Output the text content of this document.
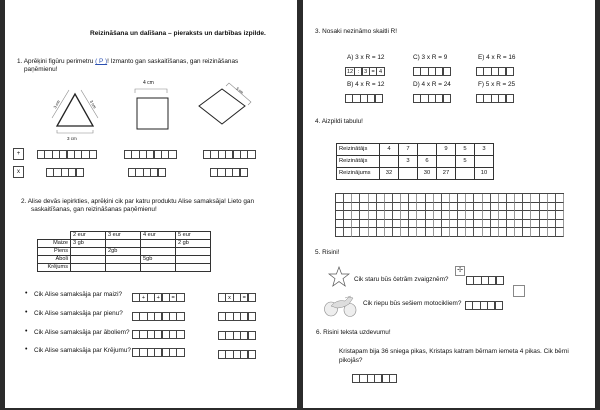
Reizināšana un dalīšana – pieraksts un darbības izpilde.
1. Aprēķini figūru perimetru ( P )! Izmanto gan saskaitīšanas, gan reizināšanas
paņēmienu!
3 cm	3 cm
3 cm
4 cm
5 cm
+
x
2. Alise devās iepirkties, aprēķini cik par katru produktu Alise samaksāja! Lieto gan
saskaitīšanas, gan reizināšanas paņēmienu!
	2 eur	3 eur	4 eur	5 eur
Maize	3 gb			2 gb
Piens		2gb		
Āboli			5gb	
Krējums				
• Cik Alise samaksāja par maizi?	+	+	=	x	=
• Cik Alise samaksāja par pienu?
• Cik Alise samaksāja par āboliem?
• Cik Alise samaksāja par Krējumu?
3. Nosaki nezināmo skaitli R!
A) 3 x R = 12	C) 3 x R = 9	E) 4 x R = 16
12 : 3 = 4
B) 4 x R = 12	D) 4 x R = 24	F) 5 x R = 25
4. Aizpildi tabulu!
Reizinātājs	4	7		9	5	3
Reizinātājs		3	6		5	
Reizinājums	32		30	27		10
5. Risini!
Cik staru būs četrām zvaigznēm?
✢
Cik riepu būs sešiem motocikliem?
6. Risini teksta uzdevumu!
Kristapam bija 36 sniega pikas, Kristaps katram bērnam iemeta 4 pikas. Cik bērni
pikojās?
